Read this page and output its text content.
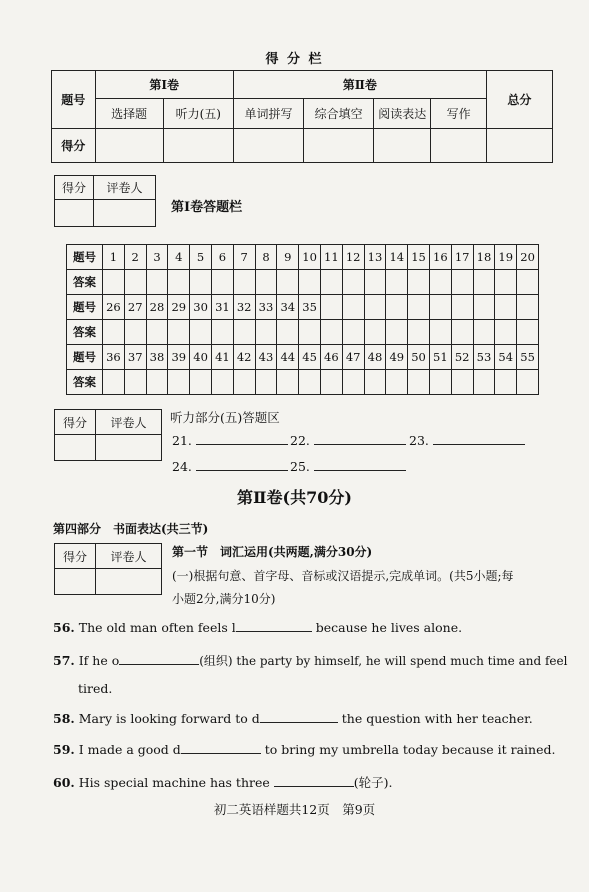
得 分 栏
题号	第Ⅰ卷		第Ⅱ卷				总分
	选择题	听力(五)	单词拼写	综合填空	阅读表达	写作	
得分							
得分	评卷人

第Ⅰ卷答题栏
题号	1	2	3	4	5	6	7	8	9	10	11	12	13	14	15	16	17	18	19	20
答案																				
题号	26	27	28	29	30	31	32	33	34	35										
答案																				
题号	36	37	38	39	40	41	42	43	44	45	46	47	48	49	50	51	52	53	54	55
答案																				
得分	评卷人
	听力部分(五)答题区
21.	22.	23.
24.	25.
第Ⅱ卷(共70分)
第四部分　书面表达(共三节)
得分	评卷人
	第一节　词汇运用(共两题,满分30分)
(一)根据句意、首字母、音标或汉语提示,完成单词。(共5小题;每
小题2分,满分10分)
56. The old man often feels l	because he lives alone.
57. If he o	(组织) the party by himself, he will spend much time and feel
tired.
58. Mary is looking forward to d	the question with her teacher.
59. I made a good d	to bring my umbrella today because it rained.
60. His special machine has three	(轮子).
初二英语样题共12页　第9页
